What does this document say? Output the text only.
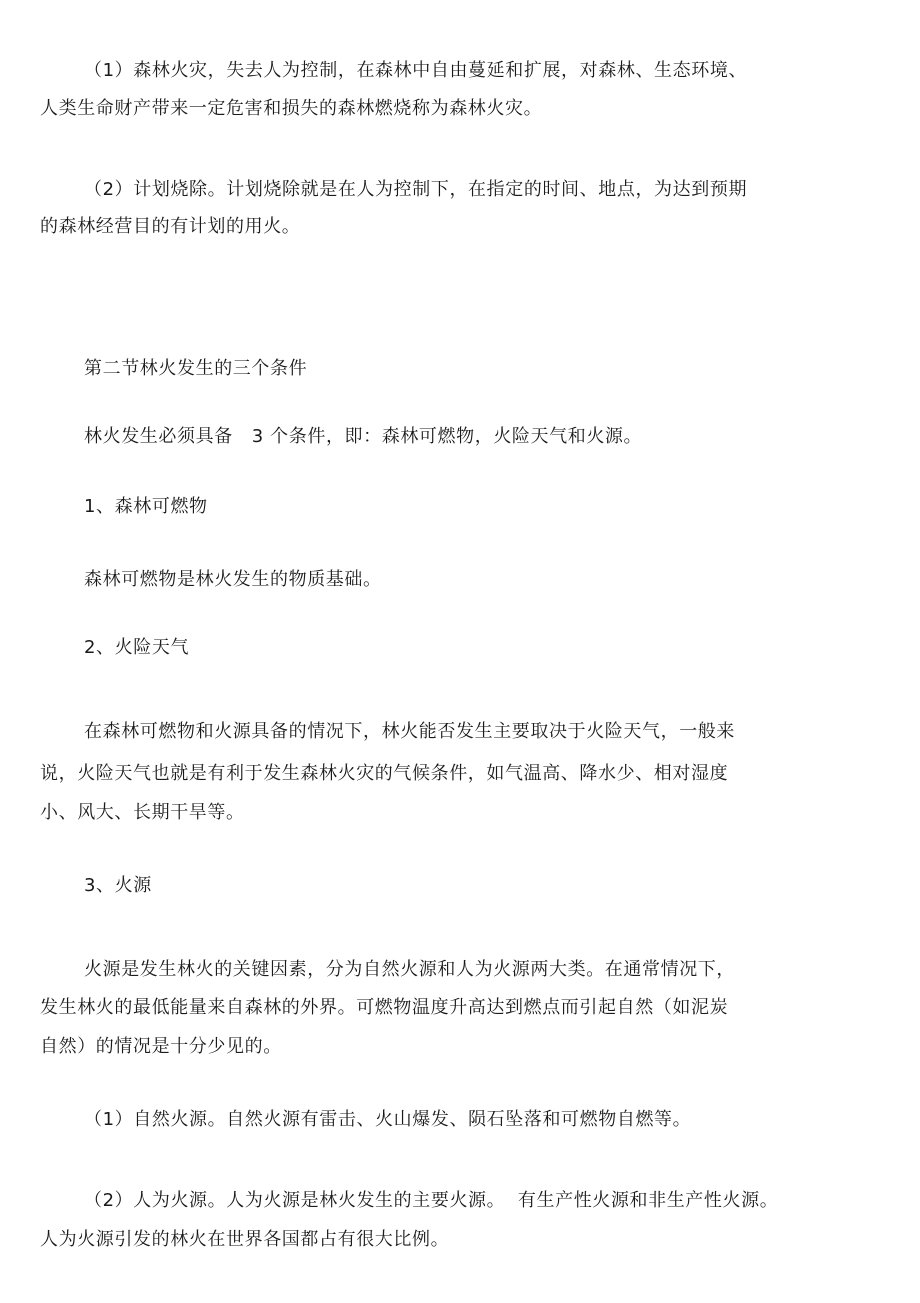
（1）森林火灾，失去人为控制，在森林中自由蔓延和扩展，对森林、生态环境、
人类生命财产带来一定危害和损失的森林燃烧称为森林火灾。
（2）计划烧除。计划烧除就是在人为控制下，在指定的时间、地点，为达到预期
的森林经营目的有计划的用火。
第二节林火发生的三个条件
林火发生必须具备   3 个条件，即：森林可燃物，火险天气和火源。
1、森林可燃物
森林可燃物是林火发生的物质基础。
2、火险天气
在森林可燃物和火源具备的情况下，林火能否发生主要取决于火险天气，一般来
说，火险天气也就是有利于发生森林火灾的气候条件，如气温高、降水少、相对湿度
小、风大、长期干旱等。
3、火源
火源是发生林火的关键因素，分为自然火源和人为火源两大类。在通常情况下，
发生林火的最低能量来自森林的外界。可燃物温度升高达到燃点而引起自然（如泥炭
自然）的情况是十分少见的。
（1）自然火源。自然火源有雷击、火山爆发、陨石坠落和可燃物自燃等。
（2）人为火源。人为火源是林火发生的主要火源。  有生产性火源和非生产性火源。
人为火源引发的林火在世界各国都占有很大比例。
